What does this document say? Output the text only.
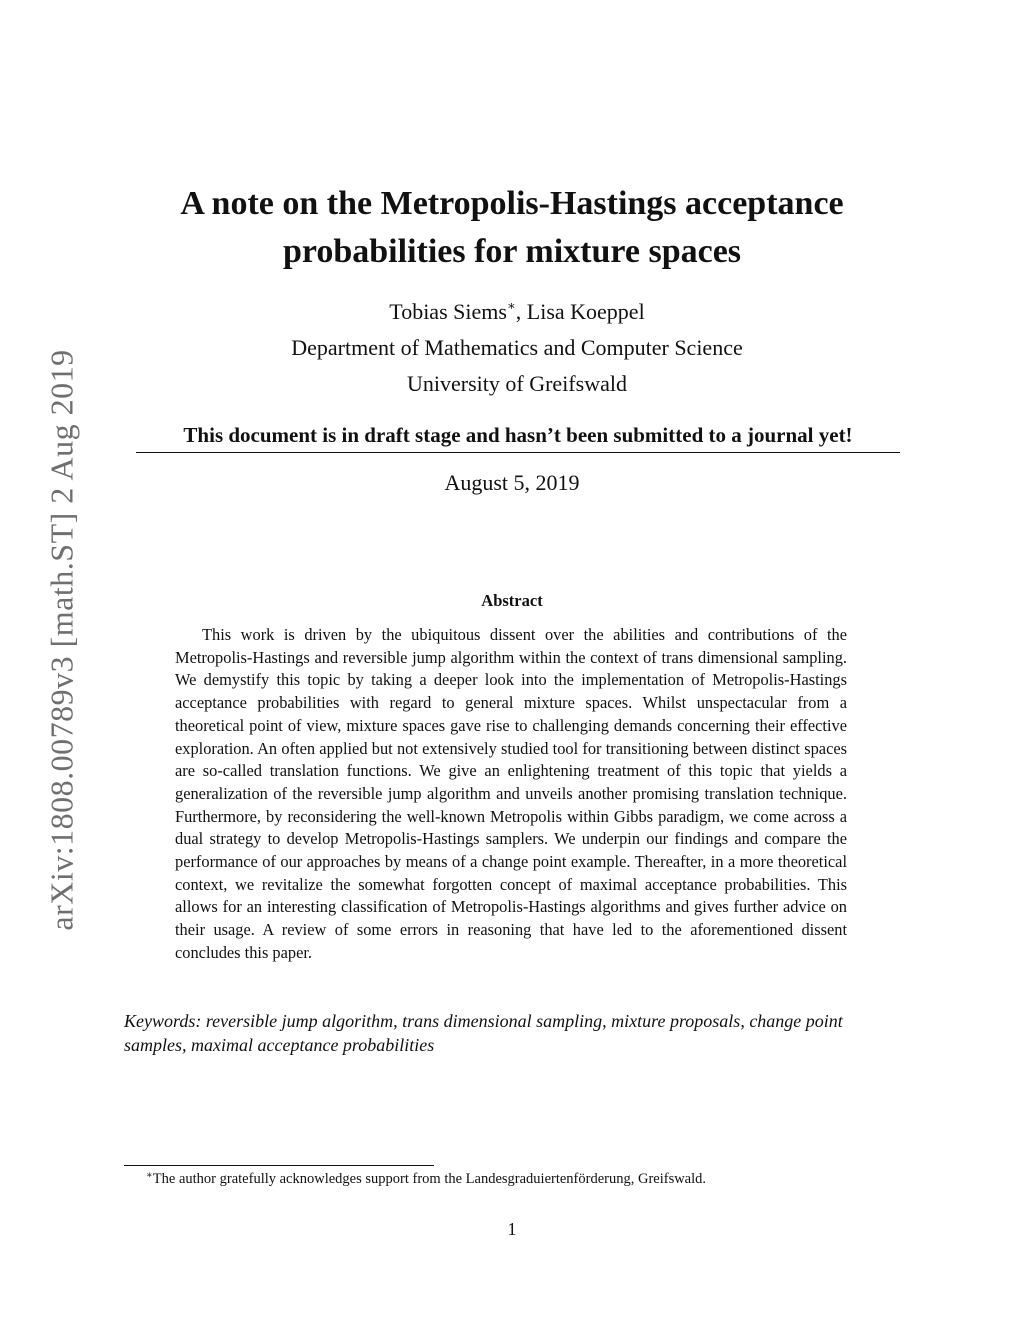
arXiv:1808.00789v3 [math.ST] 2 Aug 2019
A note on the Metropolis-Hastings acceptance
probabilities for mixture spaces
Tobias Siems∗, Lisa Koeppel
Department of Mathematics and Computer Science
University of Greifswald
This document is in draft stage and hasn’t been submitted to a journal yet!
August 5, 2019
Abstract

This work is driven by the ubiquitous dissent over the abilities and contributions of the Metropolis-Hastings and reversible jump algorithm within the context of trans dimensional sampling. We demystify this topic by taking a deeper look into the implementation of Metropolis-Hastings acceptance probabilities with regard to general mixture spaces. Whilst unspectacular from a theoretical point of view, mixture spaces gave rise to challenging demands concerning their effective exploration. An often applied but not extensively studied tool for transitioning between distinct spaces are so-called translation functions. We give an enlightening treatment of this topic that yields a generalization of the reversible jump algorithm and unveils another promising translation technique. Furthermore, by reconsidering the well-known Metropolis within Gibbs paradigm, we come across a dual strategy to develop Metropolis-Hastings samplers. We underpin our findings and compare the performance of our approaches by means of a change point example. Thereafter, in a more theoretical context, we revitalize the somewhat forgotten concept of maximal acceptance probabilities. This allows for an interesting classification of Metropolis-Hastings algorithms and gives further advice on their usage. A review of some errors in reasoning that have led to the aforementioned dissent concludes this paper.

Keywords: reversible jump algorithm, trans dimensional sampling, mixture proposals, change point samples, maximal acceptance probabilities

∗The author gratefully acknowledges support from the Landesgraduiertenförderung, Greifswald.
1
